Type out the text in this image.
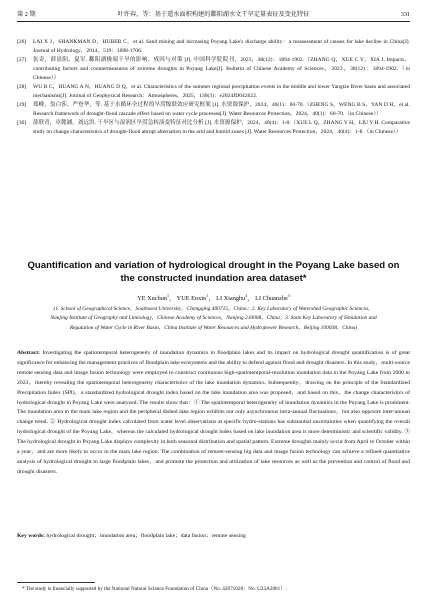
第 2 期	叶许春，等：基于遥水面积构建的鄱阳湖水文干旱定量表征及变化特征	331
[26]	LAI X J，SHANKMAN D，HUBER C，et al. Sand mining and increasing Poyang Lake's discharge ability：a reassessment of causes for lake decline in China[J]. Journal of Hydrology，2014，519：1698-1706.
[27]	张奇，薛晨阳，夏军. 鄱阳湖极端干旱的影响、成因与对策 [J]. 中国科学院院刊，2023，38(12)：1894-1902.（ZHANG Q，XUE C Y，XIA J. Impacts，contributing factors and countermeasures of extreme droughts in Poyang Lake[J]. Bulletin of Chinese Academy of Sciences，2023，38(12)：1894-1902.（in Chinese））
[28]	WU R C，HUANG A N，HUANG D Q，et al. Characteristics of the summer regional precipitation events in the middle and lower Yangtze River basin and associated mechanisms[J]. Journal of Geophysical Research：Atmospheres，2025，130(3)：e2024JD042622.
[29]	郑峰，翁白莎，严登华，等. 基于水循环全过程的旱涝级联效应研究框架 [J]. 水资源保护，2024，40(1)：60-70.（ZHENG S，WENG B S，YAN D H，et al. Research framework of drought-flood cascade effect based on water cycle processes[J]. Water Resources Protection，2024，40(1)：60-70.（in Chinese））
[30]	薛联青，章懿涵，刘远洪. 干旱区与湿润区旱涝急转演变特征对比分析 [J]. 水资源保护，2024，40(4)：1-8.（XUE L Q，ZHANG Y H，LIU Y H. Comparative study on change characteristics of drought-flood abrupt alternation in the arid and humid zones [J]. Water Resources Protection，2024，40(4)：1-8.（in Chinese））
Quantification and variation of hydrological drought in the Poyang Lake based on the constructed inundation area dataset*
YE Xuchun$^1$， YUE Enxin$^1$， LI Xianghu$^2$， LI Chuanzhe$^3$
(1. School of Geographical Science，Southwest University，Chongqing 400715，China；2. Key Laboratory of Watershed Geographic Sciences，Nanjing Institute of Geography and Limnology，Chinese Academy of Sciences，Nanjing 210008，China；3. State Key Laboratory of Simulation and Regulation of Water Cycle in River Basin，China Institute of Water Resources and Hydropower Research，Beijing 100038，China)
Abstract: Investigating the spatiotemporal heterogeneity of inundation dynamics in floodplain lakes and its impact on hydrological drought quantification is of great significance for enhancing the management practices of floodplain lake ecosystems and the ability to defend against flood and drought disasters. In this study，multi-source remote sensing data and image fusion technology were employed to construct continuous high-spatiotemporal-resolution inundation data in the Poyang Lake from 2000 to 2023，thereby revealing the spatiotemporal heterogeneity characteristics of the lake inundation dynamics. Subsequently，drawing on the principle of the Standardized Precipitation Index (SPI)，a standardized hydrological drought index based on the lake inundation area was proposed，and based on this，the change characteristics of hydrological drought in Poyang Lake were analyzed. The results show that：① The spatiotemporal heterogeneity of inundation dynamics in the Poyang Lake is prominent. The inundation area in the main lake region and the peripheral dished lake region exhibits not only asynchronous intra-annual fluctuations，but also opposite inter-annual change trend. ② Hydrological drought index calculated from water level observations at specific hydro-stations has substantial uncertainties when quantifying the overall hydrological drought of the Poyang Lake，whereas the calculated hydrological drought index based on lake inundation area is more deterministic and scientific validity. ③ The hydrological drought in Poyang Lake displays complexity in both seasonal distribution and spatial pattern. Extreme droughts mainly occur from April to October within a year，and are more likely to occur in the main lake region. The combination of remote-sensing big data and image fusion technology can achieve a refined quantitative analysis of hydrological drought in large floodplain lakes，and promote the protection and utilization of lake resources as well as the prevention and control of flood and drought disasters.
Key words: hydrological drought；inundation area；floodplain lake；data fusion；remote sensing
* The study is financially supported by the National Natural Science Foundation of China（No. 42071028；No. U23A2001）.
